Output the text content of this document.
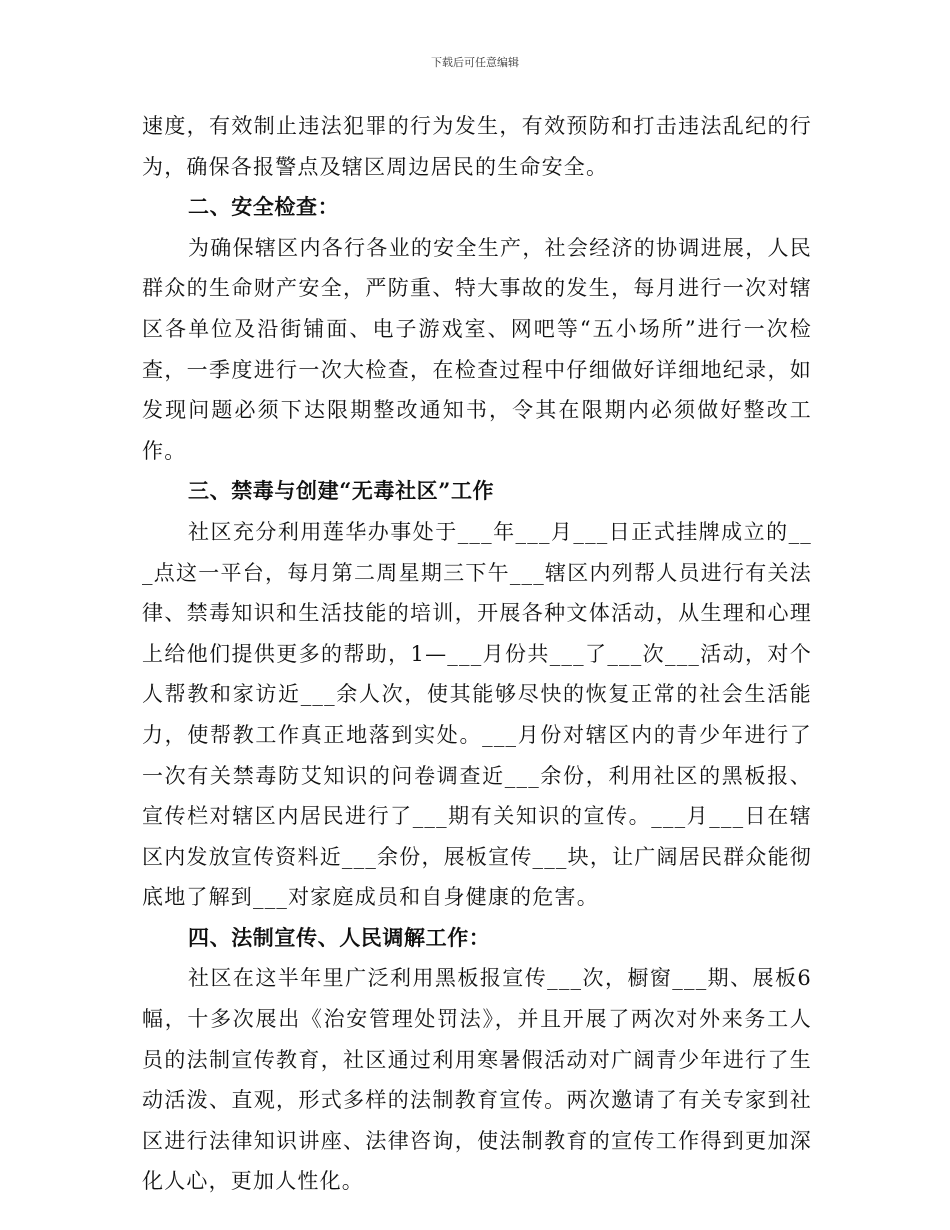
下载后可任意编辑

速度，有效制止违法犯罪的行为发生，有效预防和打击违法乱纪的行为，确保各报警点及辖区周边居民的生命安全。

二、安全检查：

为确保辖区内各行各业的安全生产，社会经济的协调进展，人民群众的生命财产安全，严防重、特大事故的发生，每月进行一次对辖区各单位及沿街铺面、电子游戏室、网吧等“五小场所”进行一次检查，一季度进行一次大检查，在检查过程中仔细做好详细地纪录，如发现问题必须下达限期整改通知书，令其在限期内必须做好整改工作。

三、禁毒与创建“无毒社区”工作

社区充分利用莲华办事处于___年___月___日正式挂牌成立的___点这一平台，每月第二周星期三下午___辖区内列帮人员进行有关法律、禁毒知识和生活技能的培训，开展各种文体活动，从生理和心理上给他们提供更多的帮助，1—___月份共___了___次___活动，对个人帮教和家访近___余人次，使其能够尽快的恢复正常的社会生活能力，使帮教工作真正地落到实处。___月份对辖区内的青少年进行了一次有关禁毒防艾知识的问卷调查近___余份，利用社区的黑板报、宣传栏对辖区内居民进行了___期有关知识的宣传。___月___日在辖区内发放宣传资料近___余份，展板宣传___块，让广阔居民群众能彻底地了解到___对家庭成员和自身健康的危害。

四、法制宣传、人民调解工作：

社区在这半年里广泛利用黑板报宣传___次，橱窗___期、展板6幅，十多次展出《治安管理处罚法》，并且开展了两次对外来务工人员的法制宣传教育，社区通过利用寒暑假活动对广阔青少年进行了生动活泼、直观，形式多样的法制教育宣传。两次邀请了有关专家到社区进行法律知识讲座、法律咨询，使法制教育的宣传工作得到更加深化人心，更加人性化。
